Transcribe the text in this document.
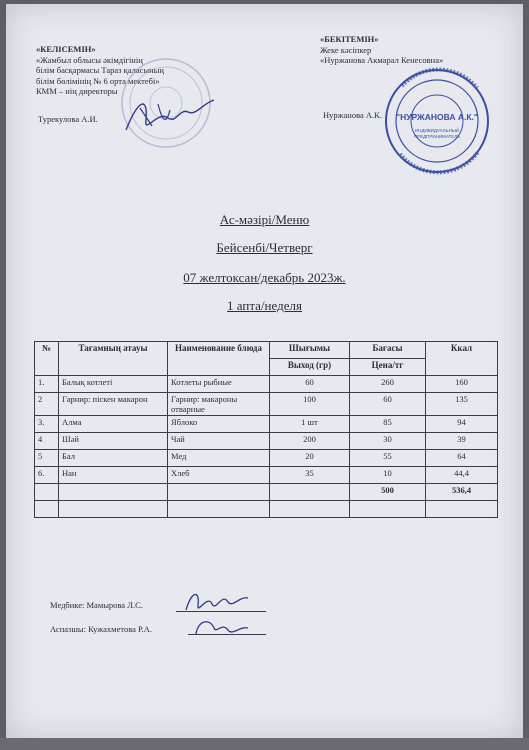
«КЕЛІСЕМІН»
«Жамбыл облысы әкімдігінің
білім басқармасы Тараз қаласының
білім бөлімінің № 6 орта мектебі»
КММ – нің директоры
Турекулова А.И.
«БЕКІТЕМІН»
Жеке кәсіпкер
«Нуржанова Акмарал Кенесовна»
Нуржанова А.К. "НУРЖАНОВА А.К."
ИНДИВИДУАЛЬНЫЙ
ПРЕДПРИНИМАТЕЛЬ
Ас-мәзірі/Меню
Бейсенбі/Четверг
07 желтоксан/декабрь 2023ж.
1 апта/неделя
№	Тағамның атауы	Наименование блюда	Шығымы	Бағасы	Ккал
			Выход (гр)	Цена/тг	
1.	Балық котлеті	Котлеты рыбные	60	260	160
2	Гарнир: піскен макарон	Гарнир: макароны отварные	100	60	135
3.	Алма	Яблоко	1 шт	85	94
4	Шәй	Чай	200	30	39
5	Бал	Мед	20	55	64
6.	Нан	Хлеб	35	10	44,4
				500	536,4

Медбике: Мамырова Л.С.
Аспазшы: Кужахметова Р.А.
